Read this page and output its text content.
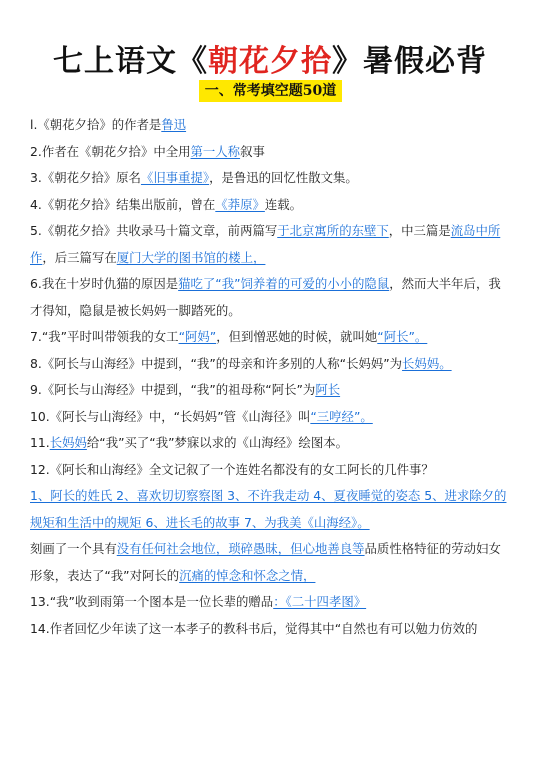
七上语文《朝花夕拾》暑假必背
一、常考填空题50道

l.《朝花夕拾》的作者是鲁迅

2.作者在《朝花夕拾》中全用第一人称叙事

3.《朝花夕拾》原名《旧事重提》，是鲁迅的回忆性散文集。

4.《朝花夕拾》结集出版前，曾在《莽原》连载。

5.《朝花夕拾》共收录马十篇文章，前两篇写于北京寓所的东壁下，中三篇是流岛中所作，后三篇写在厦门大学的图书馆的楼上，

6.我在十岁时仇猫的原因是猫吃了“我”饲养着的可爱的小小的隐鼠，然而大半年后，我才得知，隐鼠是被长妈妈一脚踏死的。

7.“我”平时叫带领我的女工“阿妈”，但到憎恶她的时候，就叫她“阿长”。

8.《阿长与山海经》中提到，“我”的母亲和许多别的人称“长妈妈”为长妈妈。

9.《阿长与山海经》中提到，“我”的祖母称“阿长”为阿长

10.《阿长与山海经》中，“长妈妈”管《山海径》叫“三哼经”。

11.长妈妈给“我”买了“我”梦寐以求的《山海经》绘图本。

12.《阿长和山海经》全文记叙了一个连姓名都没有的女工阿长的几件事？

1、阿长的姓氏 2、喜欢切切察察图 3、不许我走动 4、夏夜睡觉的姿态 5、进求除夕的规矩和生活中的规矩 6、进长毛的故事 7、为我美《山海经》。

刻画了一个具有没有任何社会地位，琐碎愚昧，但心地善良等品质性格特征的劳动妇女形象，表达了“我”对阿长的沉痛的悼念和怀念之情，

13.“我”收到雨第一个图本是一位长辈的赠品：《二十四孝图》

14.作者回忆少年读了这一本孝子的教科书后，觉得其中“自然也有可以勉力仿效的
